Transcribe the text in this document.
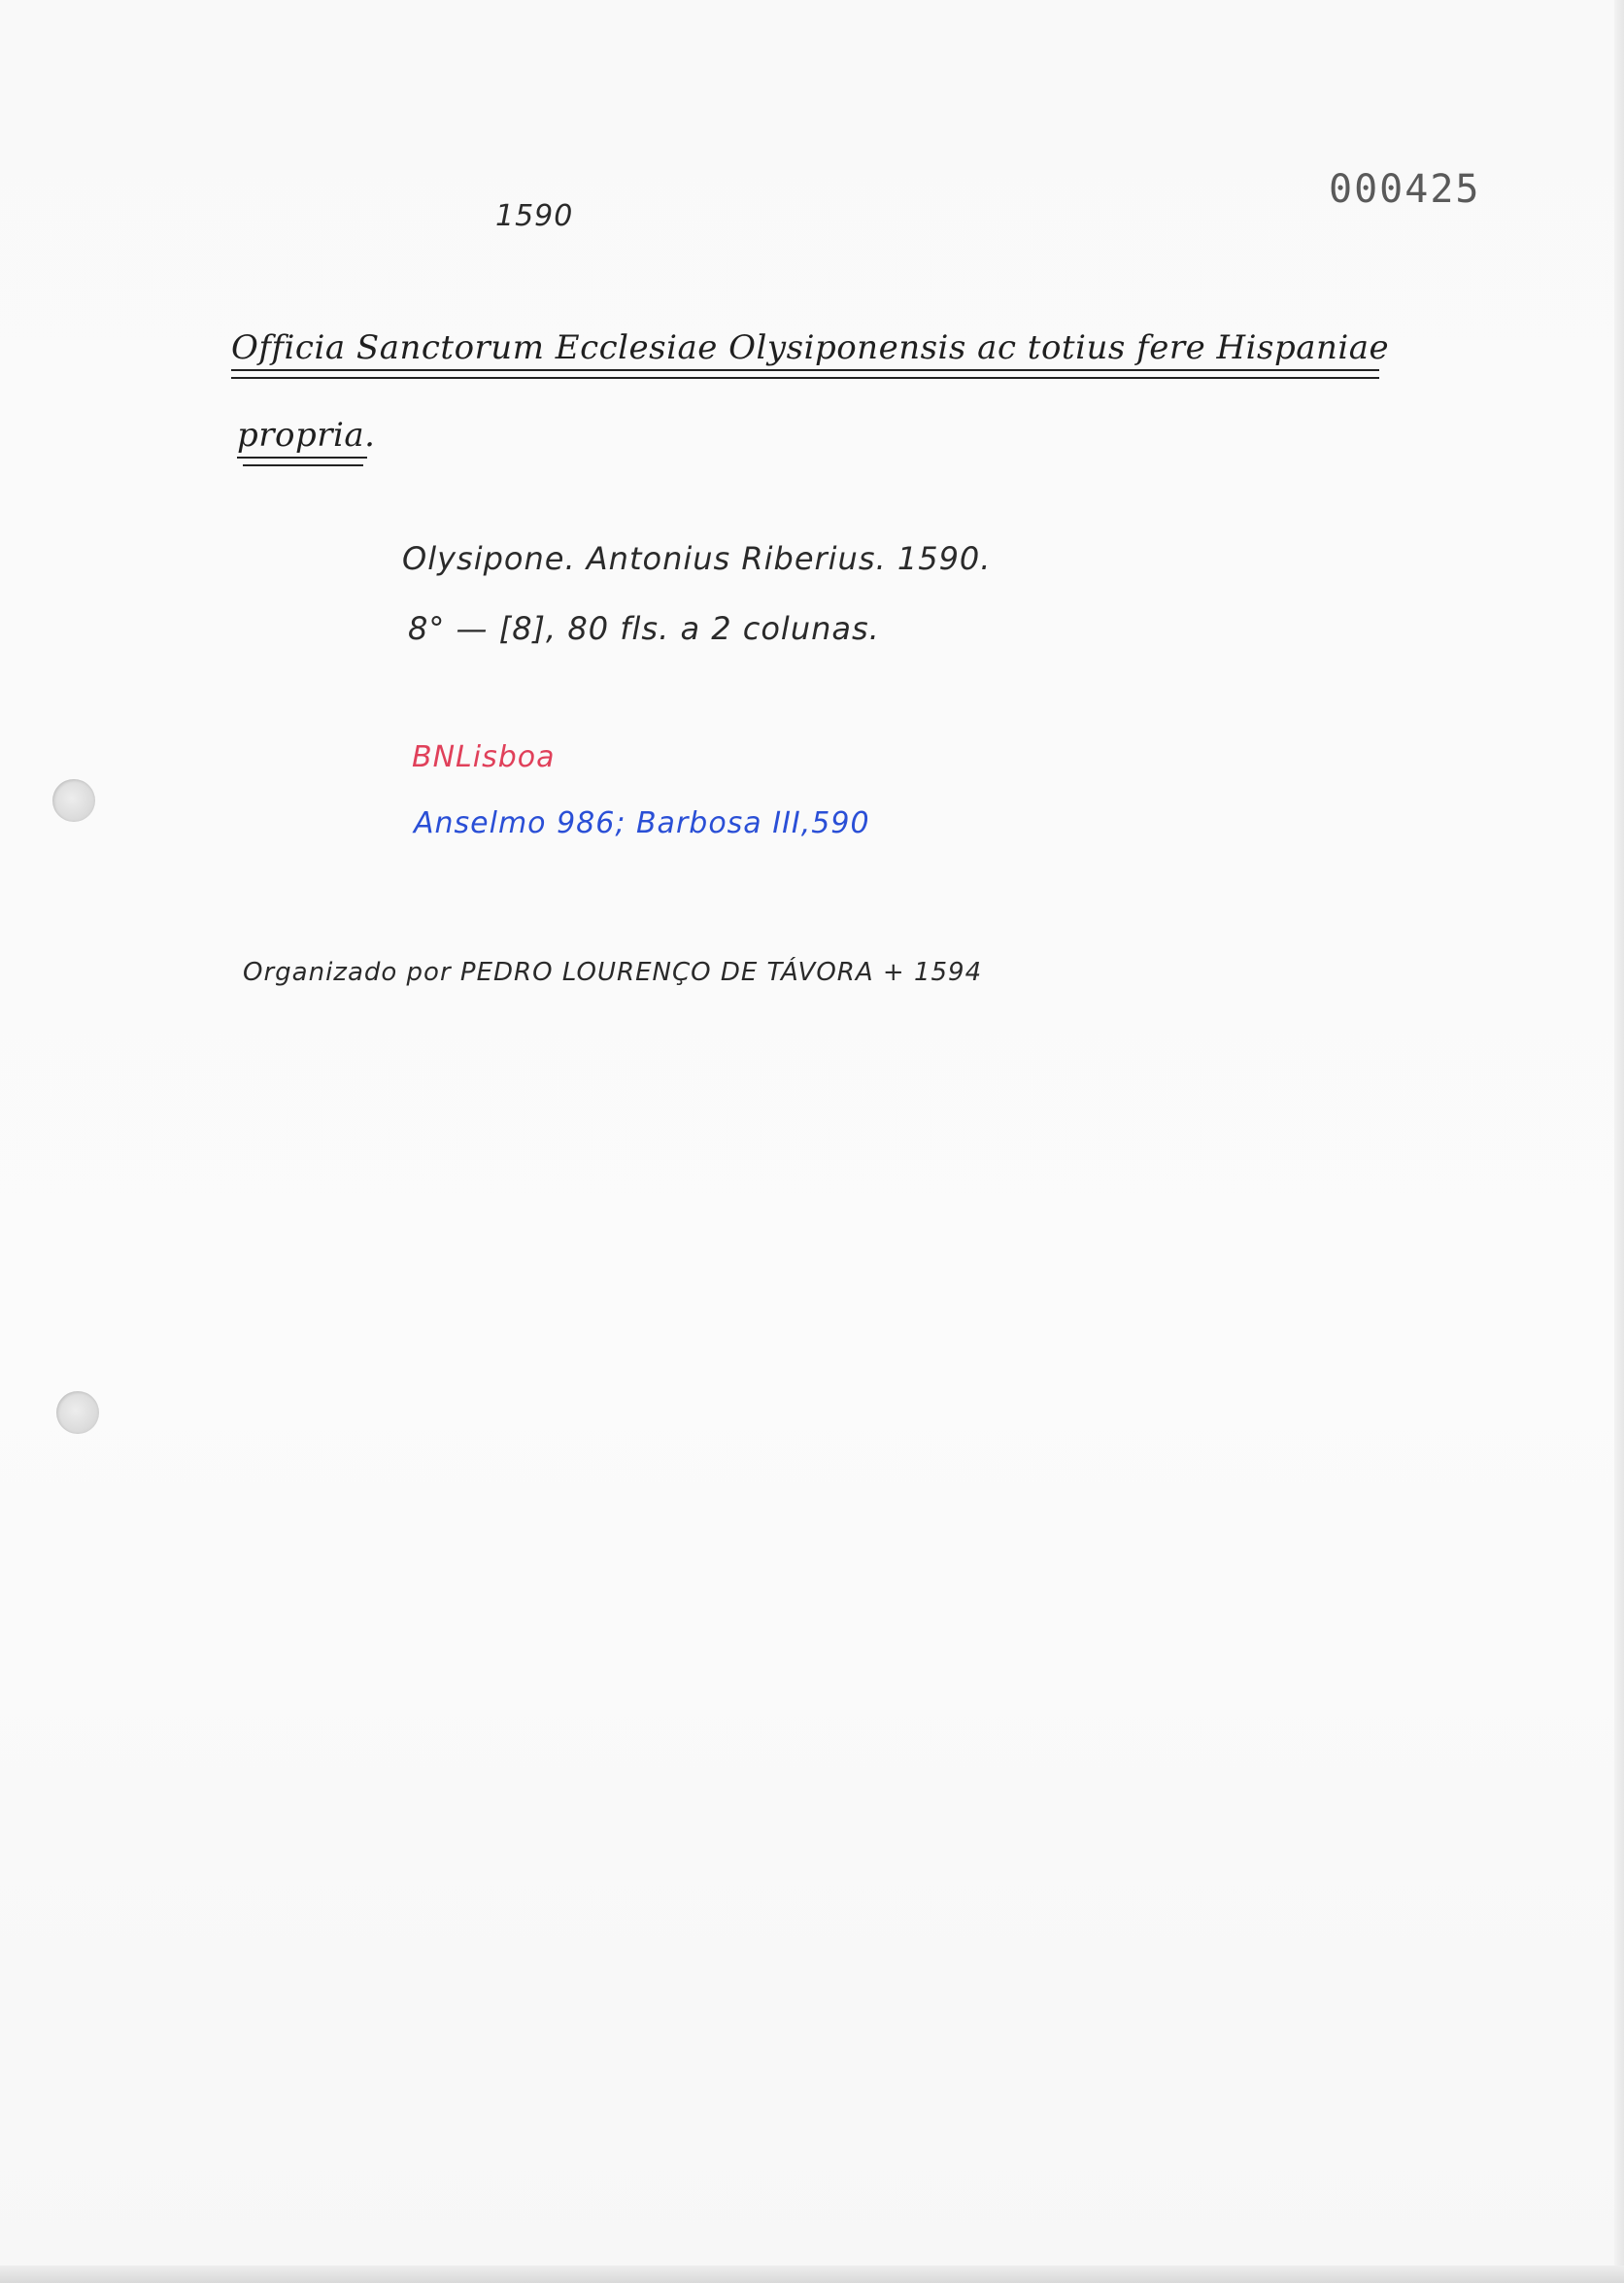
1590
000425
Officia Sanctorum Ecclesiae Olysiponensis ac totius fere Hispaniae
propria.
Olysipone. Antonius Riberius. 1590.
8° — [8], 80 fls. a 2 colunas.
BNLisboa
Anselmo 986; Barbosa III,590
Organizado por PEDRO LOURENÇO DE TÁVORA + 1594
